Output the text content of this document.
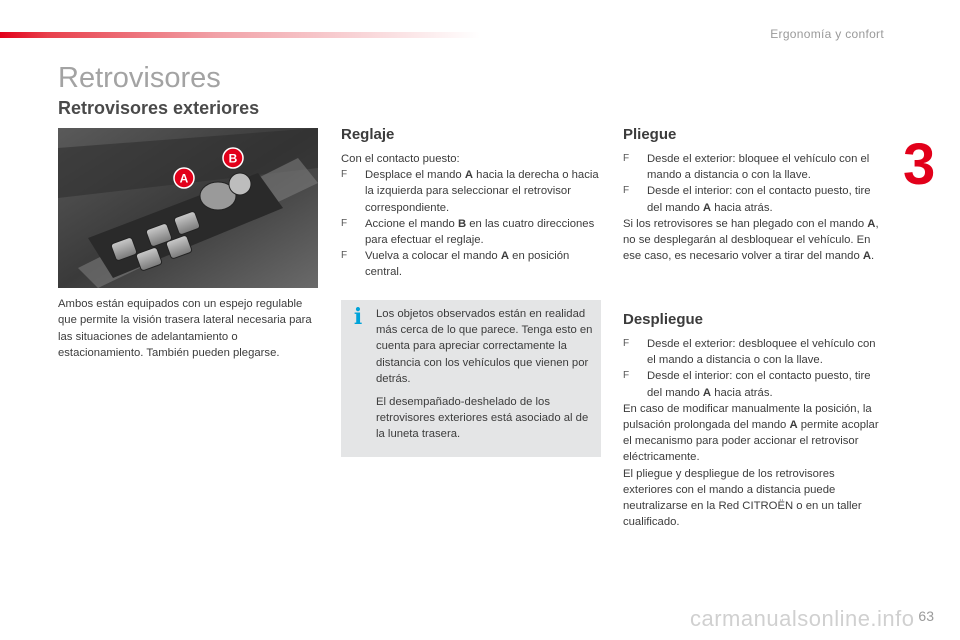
Ergonomía y confort
3
Retrovisores
Retrovisores exteriores
A
B

Ambos están equipados con un espejo regulable que permite la visión trasera lateral necesaria para las situaciones de adelantamiento o estacionamiento. También pueden plegarse.

Reglaje

Con el contacto puesto:

F Desplace el mando A hacia la derecha o hacia la izquierda para seleccionar el retrovisor correspondiente.
F Accione el mando B en las cuatro direcciones para efectuar el reglaje.
F Vuelva a colocar el mando A en posición central.
i Los objetos observados están en realidad más cerca de lo que parece. Tenga esto en cuenta para apreciar correctamente la distancia con los vehículos que vienen por detrás.

El desempañado-deshelado de los retrovisores exteriores está asociado al de la luneta trasera.

Pliegue
F Desde el exterior: bloquee el vehículo con el mando a distancia o con la llave.
F Desde el interior: con el contacto puesto, tire del mando A hacia atrás.

Si los retrovisores se han plegado con el mando A, no se desplegarán al desbloquear el vehículo. En ese caso, es necesario volver a tirar del mando A.

Despliegue
F Desde el exterior: desbloquee el vehículo con el mando a distancia o con la llave.
F Desde el interior: con el contacto puesto, tire del mando A hacia atrás.

En caso de modificar manualmente la posición, la pulsación prolongada del mando A permite acoplar el mecanismo para poder accionar el retrovisor eléctricamente.

El pliegue y despliegue de los retrovisores exteriores con el mando a distancia puede neutralizarse en la Red CITROËN o en un taller cualificado.

carmanualsonline.info 63
